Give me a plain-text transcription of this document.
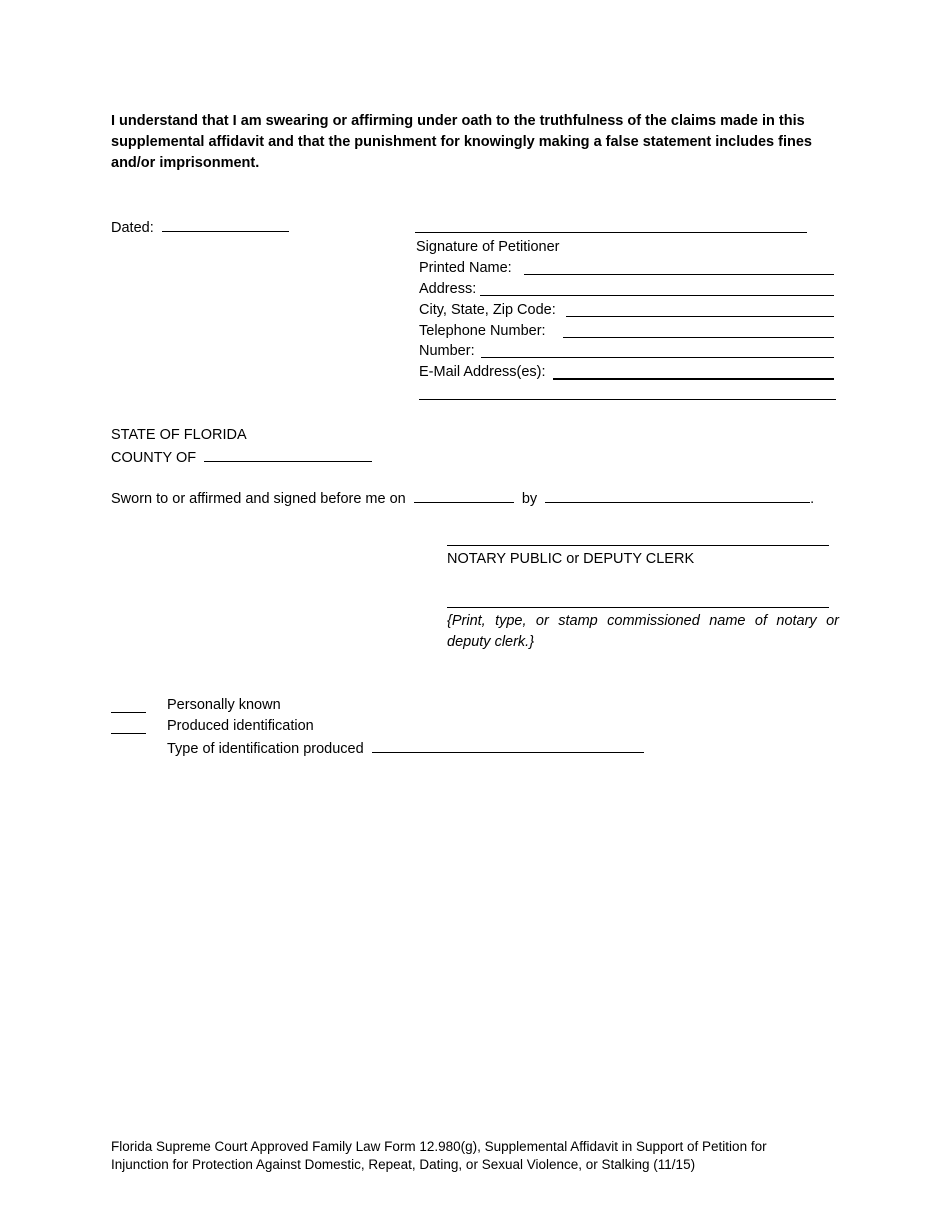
I understand that I am swearing or affirming under oath to the truthfulness of the claims made in this supplemental affidavit and that the punishment for knowingly making a false statement includes fines and/or imprisonment.
Dated:
Signature of Petitioner
Printed Name:
Address:
City, State, Zip Code:
Telephone Number:
Number:
E-Mail Address(es):
STATE OF FLORIDA
COUNTY OF
Sworn to or affirmed and signed before me on	by	.
NOTARY PUBLIC or DEPUTY CLERK
{Print, type, or stamp commissioned name of notary or deputy clerk.}
Personally known
Produced identification
Type of identification produced
Florida Supreme Court Approved Family Law Form 12.980(g), Supplemental Affidavit in Support of Petition for
Injunction for Protection Against Domestic, Repeat, Dating, or Sexual Violence, or Stalking (11/15)
